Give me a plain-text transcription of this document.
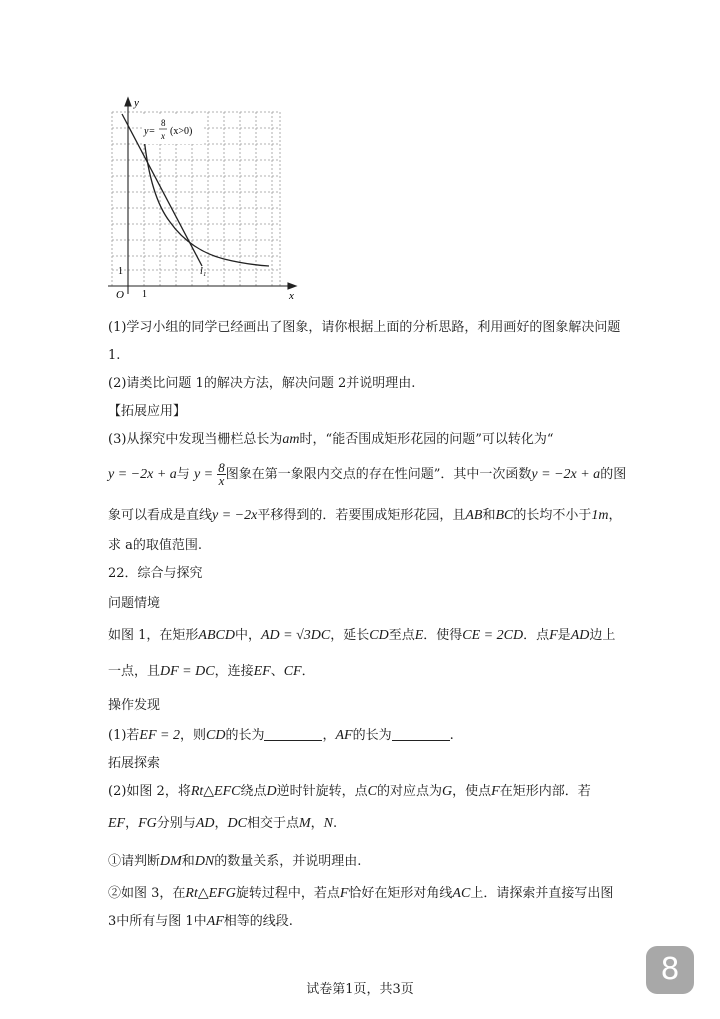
y
x
O 1
1	l₁
y=
8
x (x>0)
(1)学习小组的同学已经画出了图象，请你根据上面的分析思路，利用画好的图象解决问题
1.
(2)请类比问题 1的解决方法，解决问题 2并说明理由.
【拓展应用】
(3)从探究中发现当栅栏总长为am时，“能否围成矩形花园的问题”可以转化为“
y = −2x + a与 $y = \frac{8}{x}$ 图象在第一象限内交点的存在性问题”．其中一次函数y = −2x + a的图
象可以看成是直线y = −2x平移得到的．若要围成矩形花园，且AB和BC的长均不小于1m，
求 a的取值范围.
22．综合与探究
问题情境
如图 1，在矩形ABCD中，AD = √3DC，延长CD至点E．使得CE = 2CD．点F是AD边上
一点，且DF = DC，连接EF、CF．
操作发现
(1)若EF = 2，则CD的长为	，AF的长为	.
拓展探索
(2)如图 2，将Rt△EFC绕点D逆时针旋转，点C的对应点为G，使点F在矩形内部．若
EF，FG分别与AD，DC相交于点M，N.
①请判断DM和DN的数量关系，并说明理由.
②如图 3，在Rt△EFG旋转过程中，若点F恰好在矩形对角线AC上．请探索并直接写出图
3中所有与图 1中AF相等的线段.
8
试卷第1页，共3页
